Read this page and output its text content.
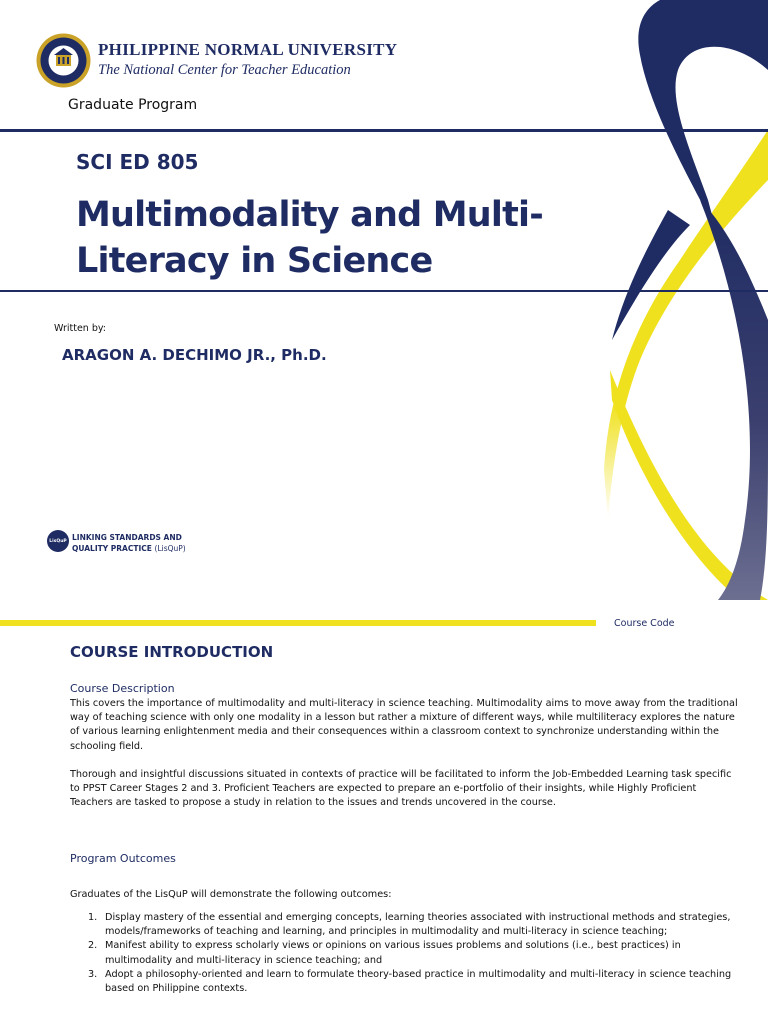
PHILIPPINE NORMAL UNIVERSITY
The National Center for Teacher Education
Graduate Program
SCI ED 805
Multimodality and Multi-
Literacy in Science
Written by:
ARAGON A. DECHIMO JR., Ph.D.
LisQuP LINKING STANDARDS AND
QUALITY PRACTICE (LisQuP)
Course Code
COURSE INTRODUCTION
Course Description
This covers the importance of multimodality and multi-literacy in science teaching. Multimodality aims to move away from the traditional
way of teaching science with only one modality in a lesson but rather a mixture of different ways, while multiliteracy explores the nature
of various learning enlightenment media and their consequences within a classroom context to synchronize understanding within the
schooling field.
Thorough and insightful discussions situated in contexts of practice will be facilitated to inform the Job-Embedded Learning task specific
to PPST Career Stages 2 and 3. Proficient Teachers are expected to prepare an e-portfolio of their insights, while Highly Proficient
Teachers are tasked to propose a study in relation to the issues and trends uncovered in the course.
Program Outcomes
Graduates of the LisQuP will demonstrate the following outcomes:
1. Display mastery of the essential and emerging concepts, learning theories associated with instructional methods and strategies,
models/frameworks of teaching and learning, and principles in multimodality and multi-literacy in science teaching;
2. Manifest ability to express scholarly views or opinions on various issues problems and solutions (i.e., best practices) in
multimodality and multi-literacy in science teaching; and
3. Adopt a philosophy-oriented and learn to formulate theory-based practice in multimodality and multi-literacy in science teaching
based on Philippine contexts.
